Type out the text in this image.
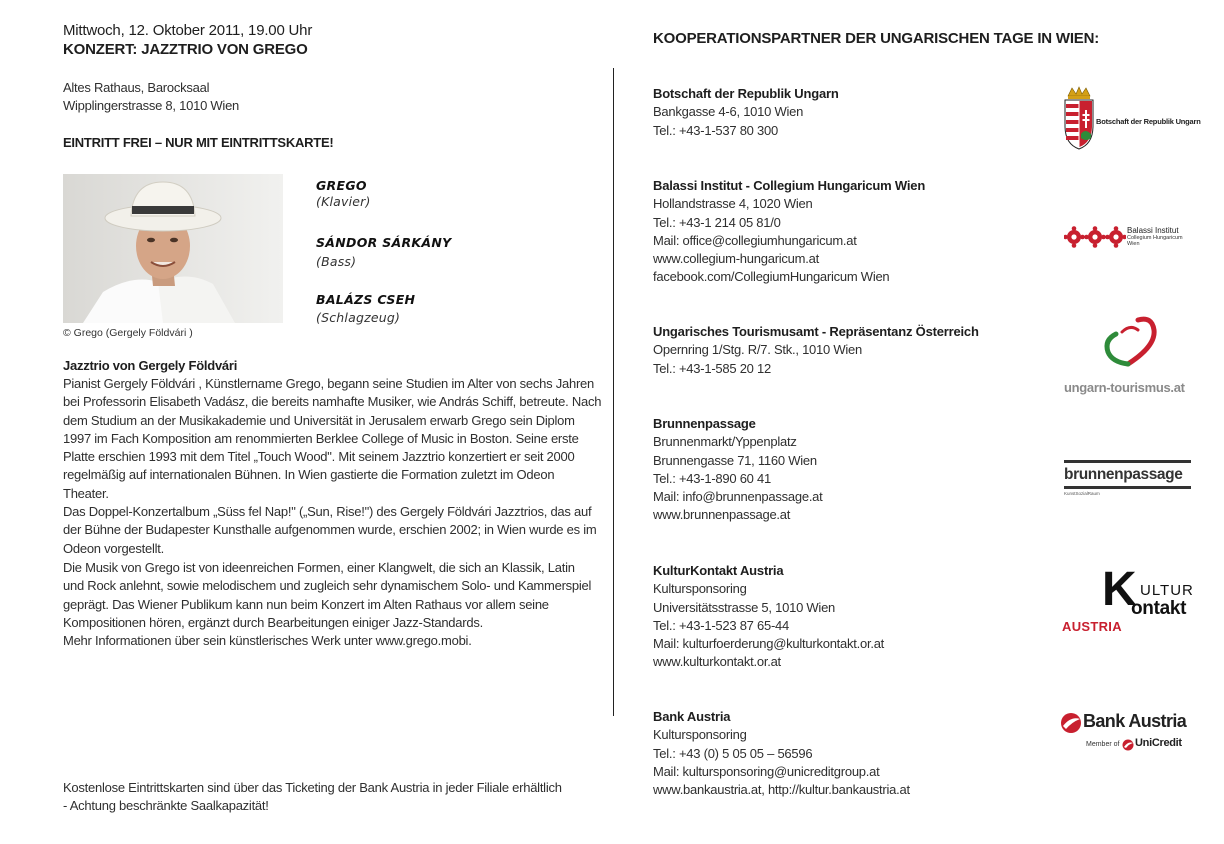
Mittwoch, 12. Oktober 2011, 19.00 Uhr
KONZERT: JAZZTRIO VON GREGO
Altes Rathaus, Barocksaal
Wipplingerstrasse 8, 1010 Wien
EINTRITT FREI – NUR MIT EINTRITTSKARTE!
© Grego (Gergely Földvári )
GREGO
(Klavier)
SÁNDOR SÁRKÁNY
(Bass)
BALÁZS CSEH
(Schlagzeug)
Jazztrio von Gergely Földvári
Pianist Gergely Földvári , Künstlername Grego, begann seine Studien im Alter von sechs Jahren
bei Professorin Elisabeth Vadász, die bereits namhafte Musiker, wie András Schiff, betreute. Nach
dem Studium an der Musikakademie und Universität in Jerusalem erwarb Grego sein Diplom
1997 im Fach Komposition am renommierten Berklee College of Music in Boston. Seine erste
Platte erschien 1993 mit dem Titel „Touch Wood". Mit seinem Jazztrio konzertiert er seit 2000
regelmäßig auf internationalen Bühnen. In Wien gastierte die Formation zuletzt im Odeon Theater.
Das Doppel-Konzertalbum „Süss fel Nap!" („Sun, Rise!") des Gergely Földvári Jazztrios, das auf
der Bühne der Budapester Kunsthalle aufgenommen wurde, erschien 2002; in Wien wurde es im
Odeon vorgestellt.
Die Musik von Grego ist von ideenreichen Formen, einer Klangwelt, die sich an Klassik, Latin
und Rock anlehnt, sowie melodischem und zugleich sehr dynamischem Solo- und Kammerspiel
geprägt. Das Wiener Publikum kann nun beim Konzert im Alten Rathaus vor allem seine
Kompositionen hören, ergänzt durch Bearbeitungen einiger Jazz-Standards.
Mehr Informationen über sein künstlerisches Werk unter www.grego.mobi.
Kostenlose Eintrittskarten sind über das Ticketing der Bank Austria in jeder Filiale erhältlich
- Achtung beschränkte Saalkapazität!
KOOPERATIONSPARTNER DER UNGARISCHEN TAGE IN WIEN:
Botschaft der Republik Ungarn
Bankgasse 4-6, 1010 Wien
Tel.: +43-1-537 80 300
Balassi Institut - Collegium Hungaricum Wien
Hollandstrasse 4, 1020 Wien
Tel.: +43-1 214 05 81/0
Mail: office@collegiumhungaricum.at
www.collegium-hungaricum.at
facebook.com/CollegiumHungaricum Wien
Ungarisches Tourismusamt - Repräsentanz Österreich
Opernring 1/Stg. R/7. Stk., 1010 Wien
Tel.: +43-1-585 20 12
Brunnenpassage
Brunnenmarkt/Yppenplatz
Brunnengasse 71, 1160 Wien
Tel.: +43-1-890 60 41
Mail: info@brunnenpassage.at
www.brunnenpassage.at
KulturKontakt Austria
Kultursponsoring
Universitätsstrasse 5, 1010 Wien
Tel.: +43-1-523 87 65-44
Mail: kulturfoerderung@kulturkontakt.or.at
www.kulturkontakt.or.at
Bank Austria
Kultursponsoring
Tel.: +43 (0) 5 05 05 – 56596
Mail: kultursponsoring@unicreditgroup.at
www.bankaustria.at, http://kultur.bankaustria.at
Botschaft der Republik Ungarn
Balassi Institut
Collegium Hungaricum
Wien
ungarn-tourismus.at
brunnenpassage
KunstSozialRaum
K ULTUR
ontakt
AUSTRIA
Bank Austria
Member of UniCredit
